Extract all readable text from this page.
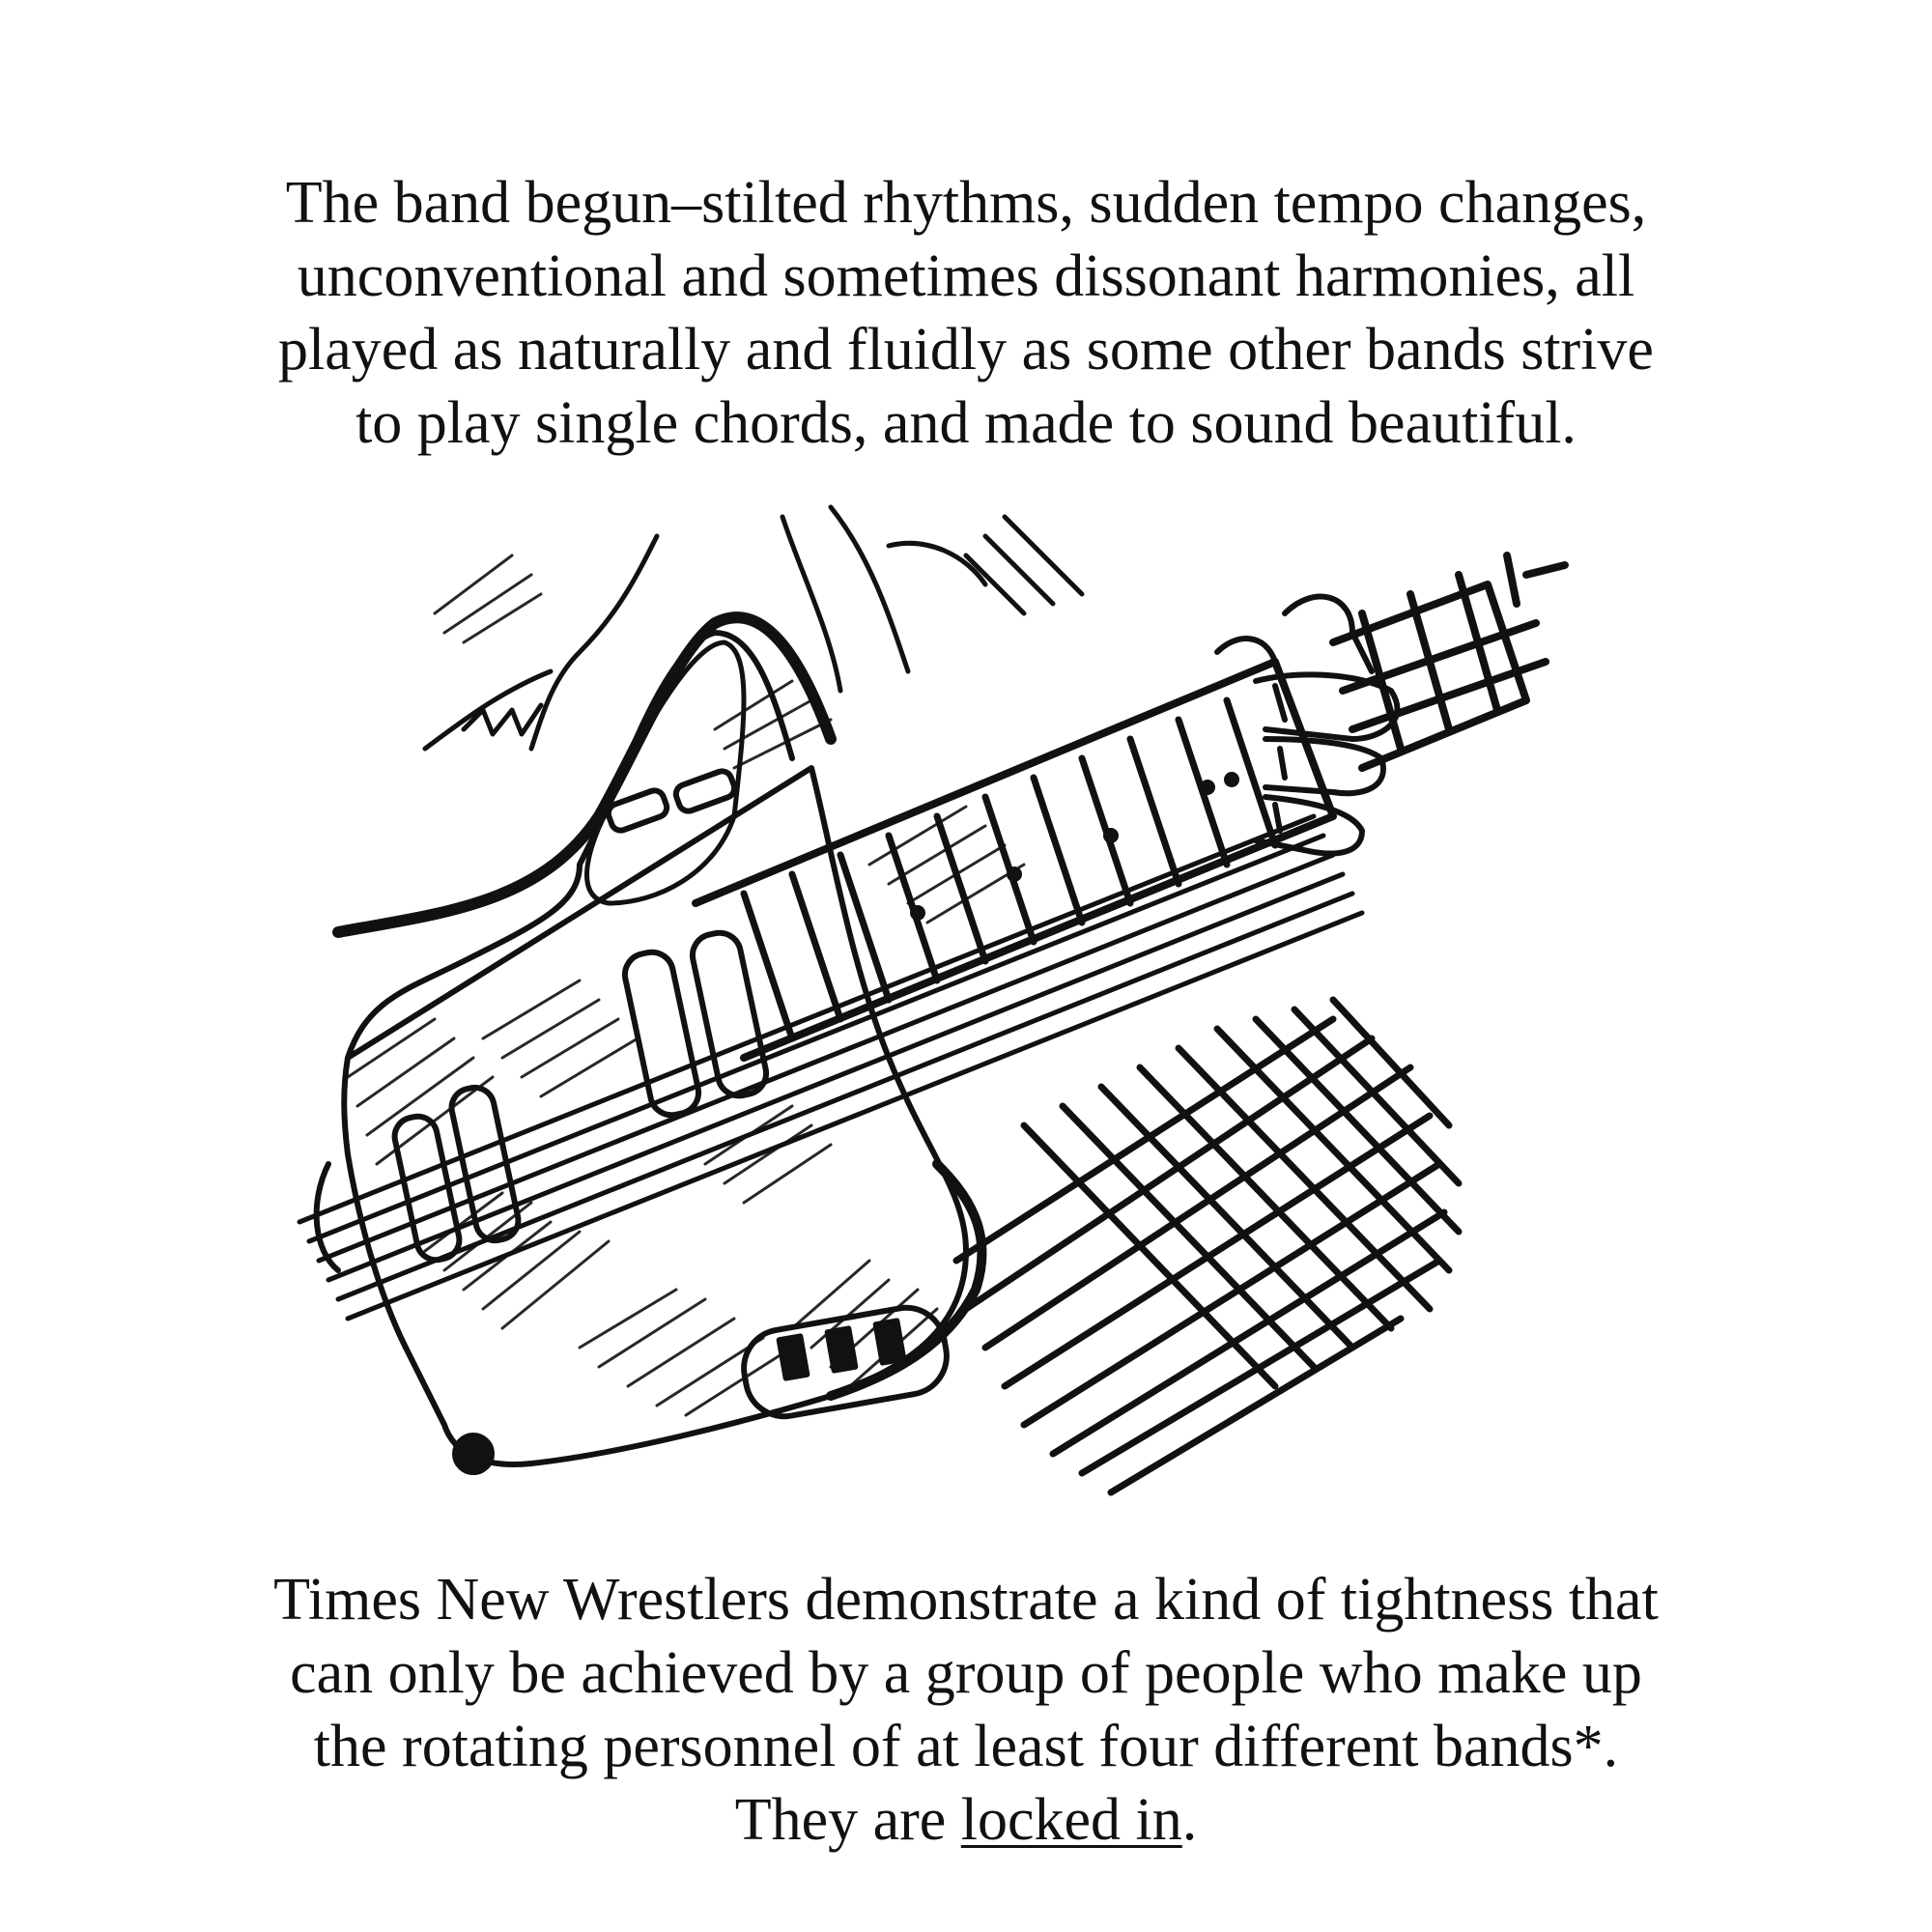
The band begun–stilted rhythms, sudden tempo changes,

unconventional and sometimes dissonant harmonies, all

played as naturally and fluidly as some other bands strive

to play single chords, and made to sound beautiful.

Times New Wrestlers demonstrate a kind of tightness that

can only be achieved by a group of people who make up

the rotating personnel of at least four different bands*.

They are locked in.
